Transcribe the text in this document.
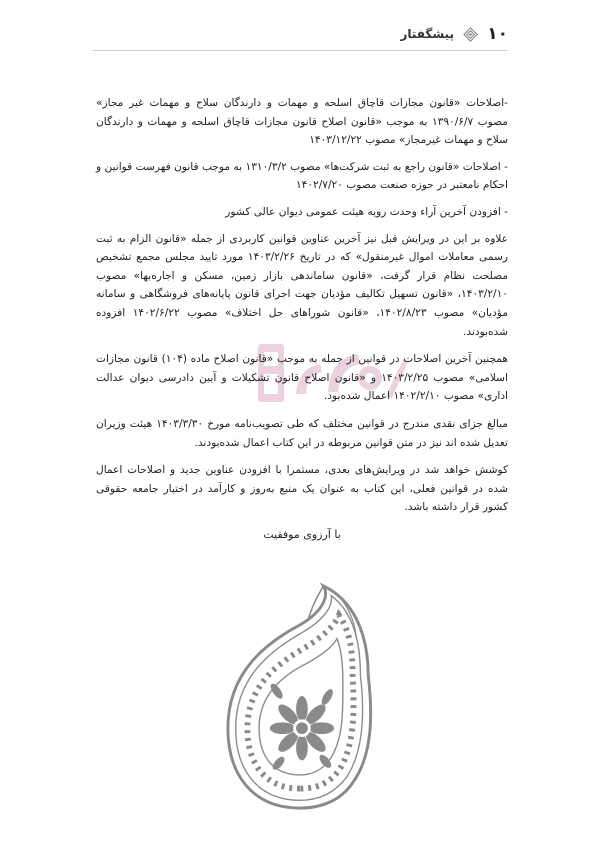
۱۰
پیشگفتار

-اصلاحات «قانون مجازات قاچاق اسلحه و مهمات و دارندگان سلاح و مهمات غیر مجاز» مصوب ۱۳۹۰/۶/۷ به موجب «قانون اصلاح قانون مجازات قاچاق اسلحه و مهمات و دارندگان سلاح و مهمات غیرمجاز» مصوب ۱۴۰۳/۱۲/۲۲

- اصلاحات «قانون راجع به ثبت شرکت‌ها» مصوب ۱۳۱۰/۳/۲ به موجب قانون فهرست قوانین و احکام نامعتبر در حوزه صنعت مصوب ۱۴۰۲/۷/۲۰

- افزودن آخرین آراء وحدت رویه هیئت عمومی دیوان عالی کشور

علاوه بر این در ویرایش قبل نیز آخرین عناوین قوانین کاربردی از جمله «قانون الزام به ثبت رسمی معاملات اموال غیرمنقول» که در تاریخ ۱۴۰۳/۲/۲۶ مورد تایید مجلس مجمع تشخیص مصلحت نظام قرار گرفت، «قانون ساماندهی بازار زمین، مسکن و اجاره‌بها» مصوب ۱۴۰۳/۲/۱۰، «قانون تسهیل تکالیف مؤدیان جهت اجرای قانون پایانه‌های فروشگاهی و سامانه مؤدیان» مصوب ۱۴۰۲/۸/۲۳، «قانون شوراهای حل اختلاف» مصوب ۱۴۰۲/۶/۲۲ افزوده شده‌بودند.

همچنین آخرین اصلاحات در قوانین از جمله به موجب «قانون اصلاح ماده (۱۰۴) قانون مجازات اسلامی» مصوب ۱۴۰۳/۲/۲۵ و «قانون اصلاح قانون تشکیلات و آیین دادرسی دیوان عدالت اداری» مصوب ۱۴۰۲/۲/۱۰ اعمال شده‌بود.

مبالغ جزای نقدی مندرج در قوانین مختلف که طی تصویب‌نامه مورخ ۱۴۰۳/۳/۳۰ هیئت وزیران تعدیل شده اند نیز در متن قوانین مربوطه در این کتاب اعمال شده‌بودند.

کوشش خواهد شد در ویرایش‌های بعدی، مستمرا با افزودن عناوین جدید و اصلاحات اعمال شده در قوانین فعلی، این کتاب به عنوان یک منبع به‌روز و کارآمد در اختیار جامعه حقوقی کشور قرار داشته باشد.

با آرزوی موفقیت
